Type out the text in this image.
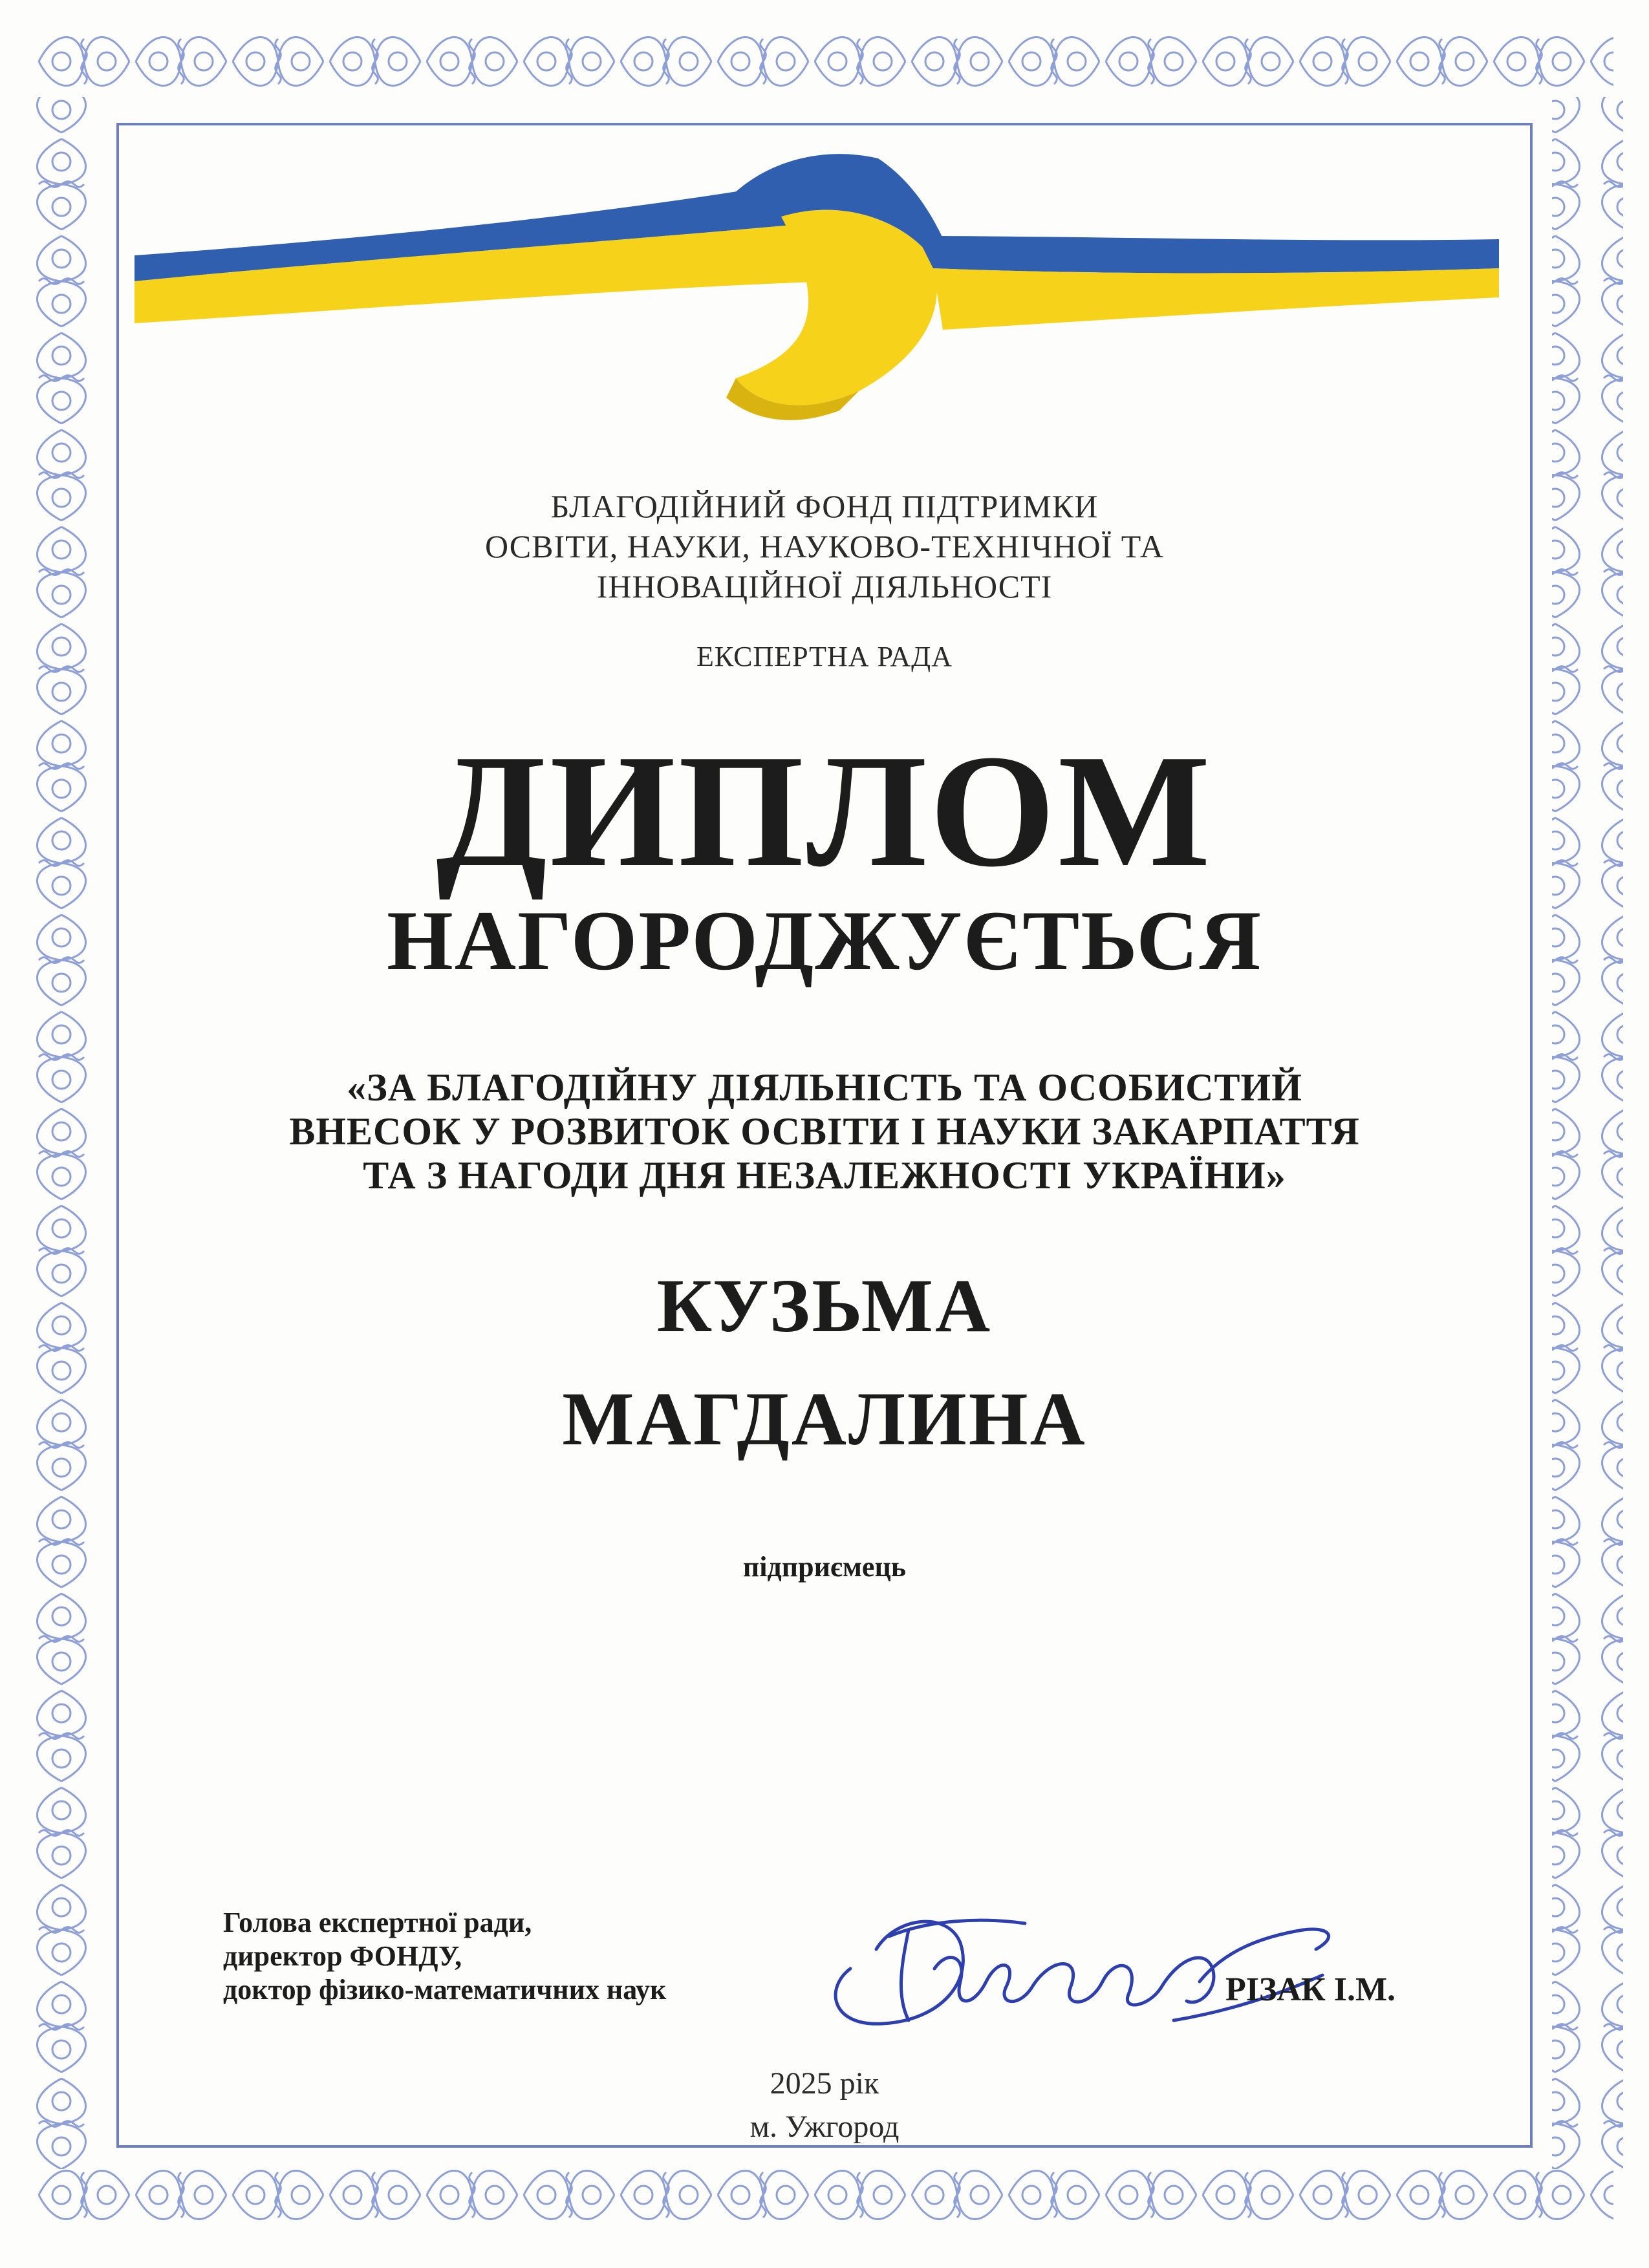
БЛАГОДІЙНИЙ ФОНД ПІДТРИМКИ
ОСВІТИ, НАУКИ, НАУКОВО-ТЕХНІЧНОЇ ТА
ІННОВАЦІЙНОЇ ДІЯЛЬНОСТІ

ЕКСПЕРТНА РАДА

ДИПЛОМ

НАГОРОДЖУЄТЬСЯ

«ЗА БЛАГОДІЙНУ ДІЯЛЬНІСТЬ ТА ОСОБИСТИЙ
ВНЕСОК У РОЗВИТОК ОСВІТИ І НАУКИ ЗАКАРПАТТЯ
ТА З НАГОДИ ДНЯ НЕЗАЛЕЖНОСТІ УКРАЇНИ»

КУЗЬМА

МАГДАЛИНА

підприємець

Голова експертної ради,
директор ФОНДУ,
доктор фізико-математичних наук	РІЗАК І.М.

2025 рік

м. Ужгород
